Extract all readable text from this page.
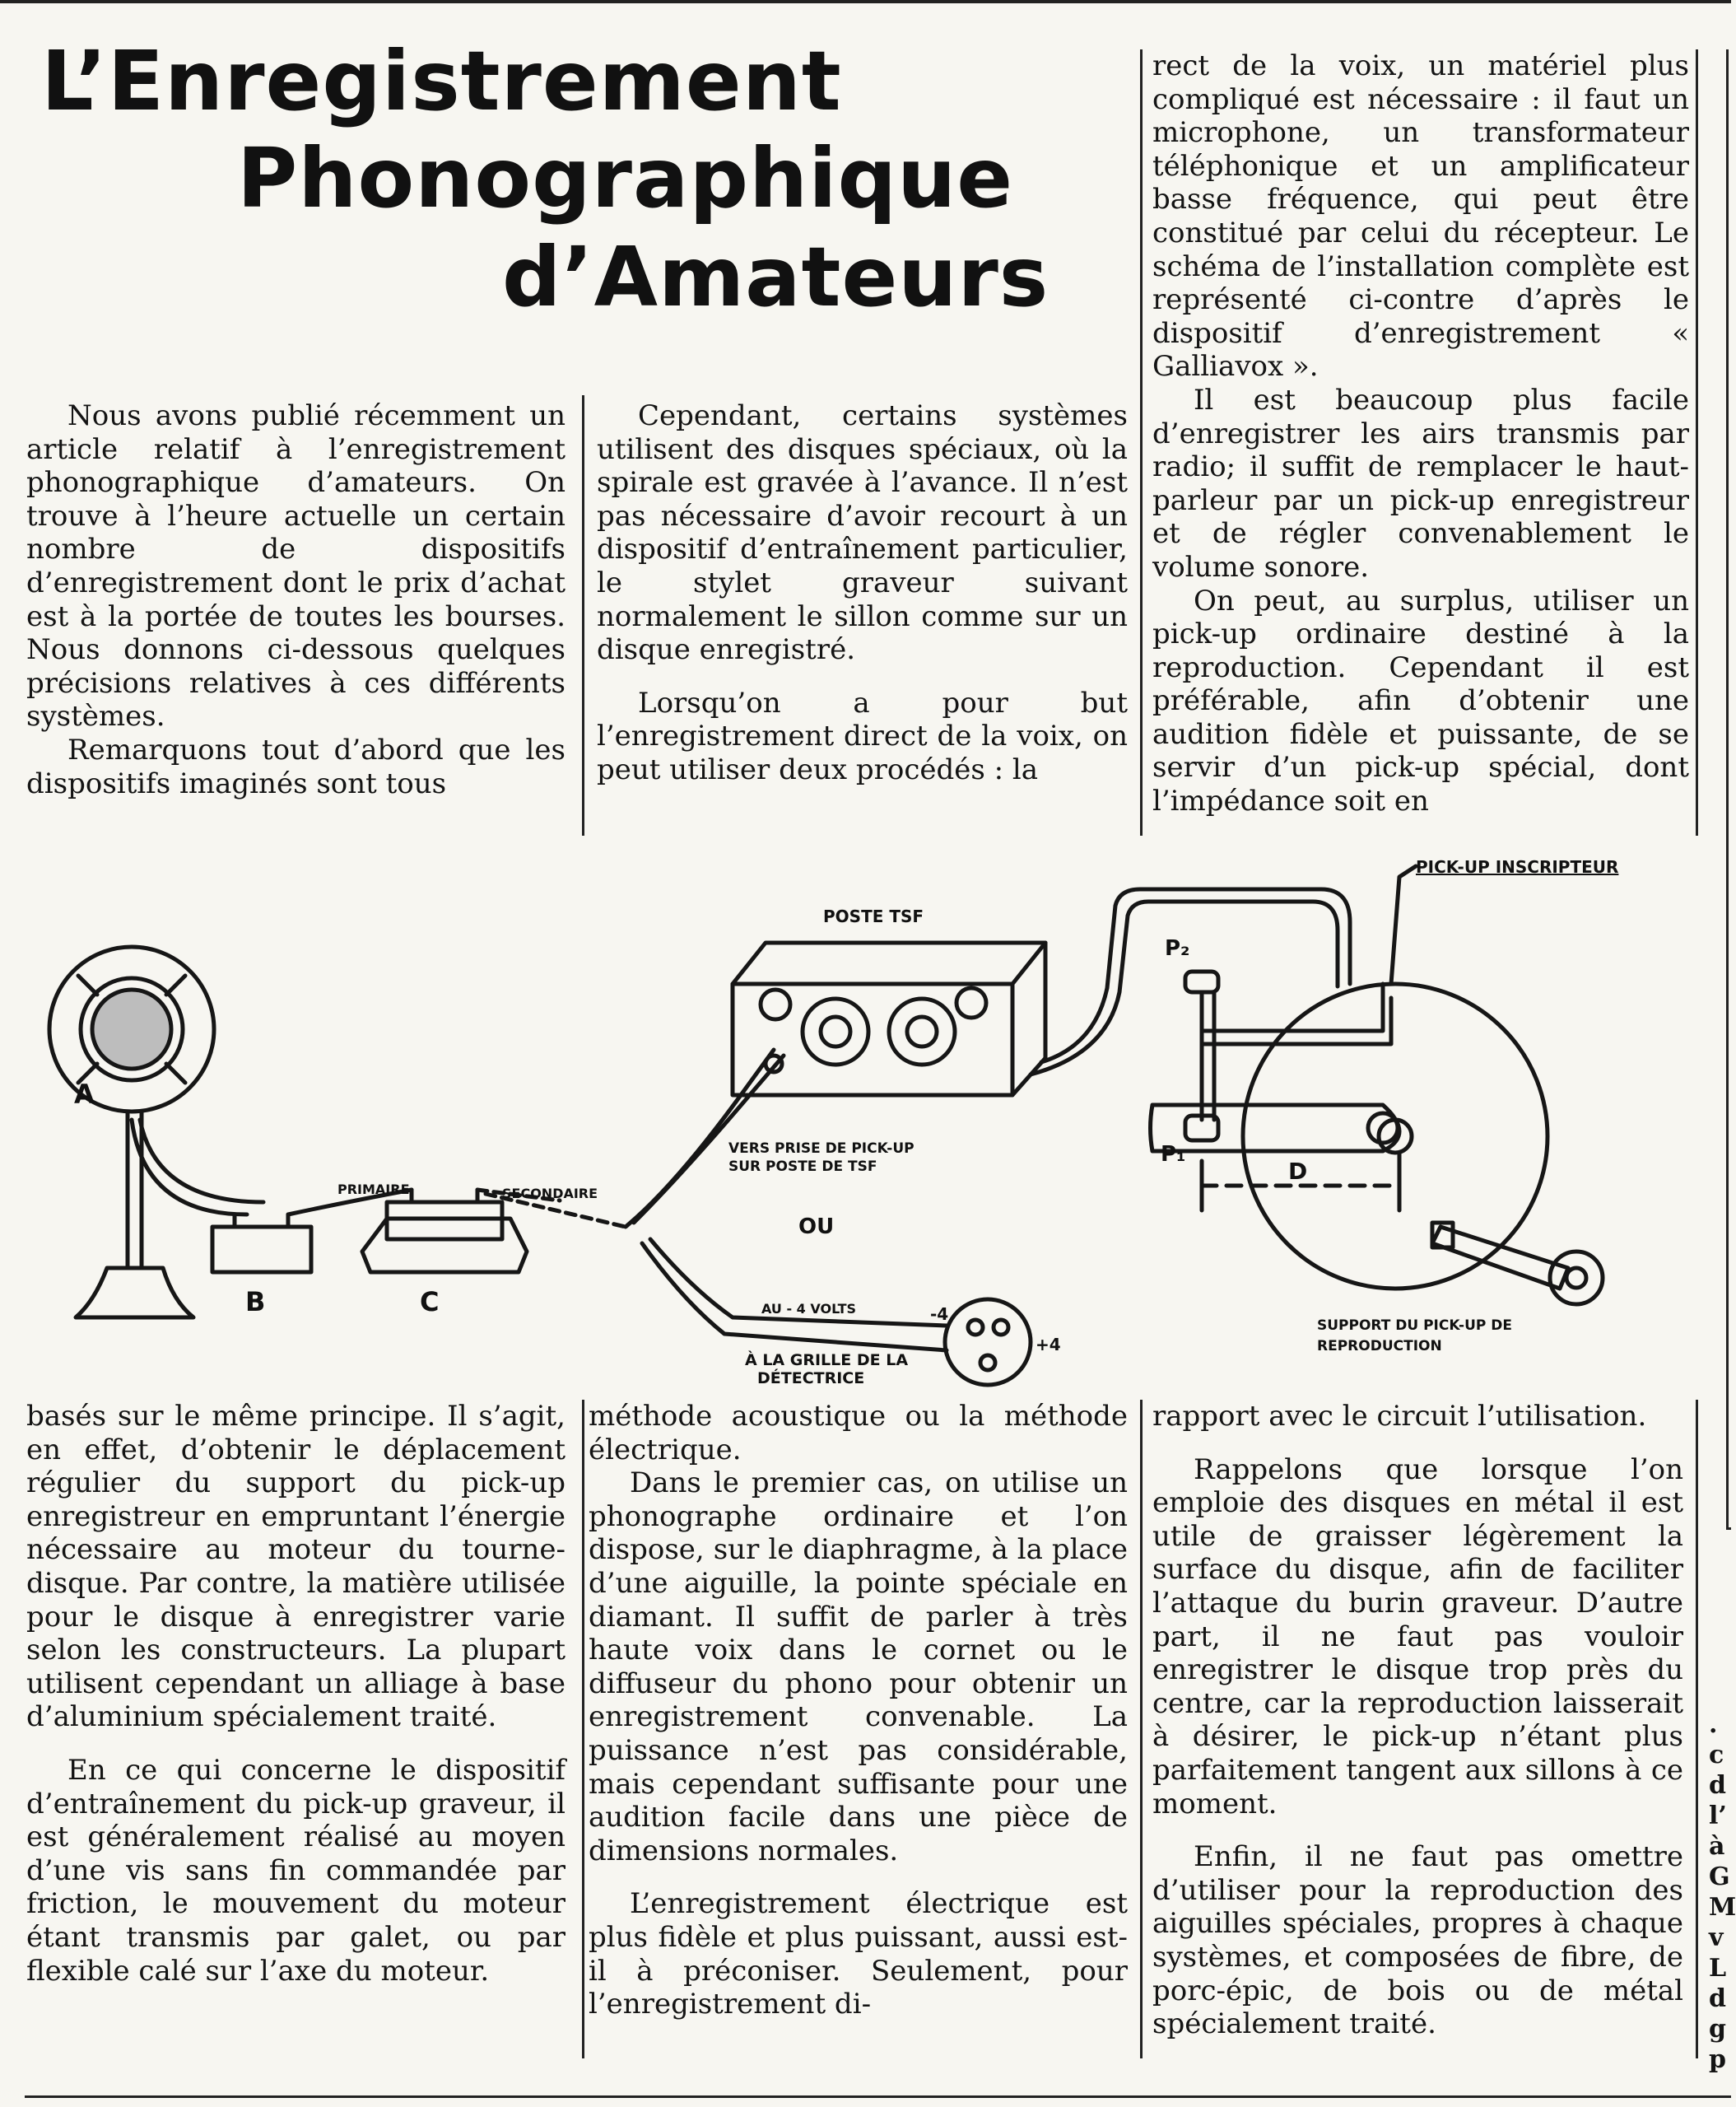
L’Enregistrement
Phonographique
d’Amateurs

Nous avons publié récemment un article relatif à l’enregistrement phonographique d’amateurs. On trouve à l’heure actuelle un certain nombre de dispositifs d’enregistrement dont le prix d’achat est à la portée de toutes les bourses. Nous donnons ci-dessous quelques précisions relatives à ces différents systèmes.

Remarquons tout d’abord que les dispositifs imaginés sont tous

Cependant, certains systèmes utilisent des disques spéciaux, où la spirale est gravée à l’avance. Il n’est pas nécessaire d’avoir recourt à un dispositif d’entraînement particulier, le stylet graveur suivant normalement le sillon comme sur un disque enregistré.

Lorsqu’on a pour but l’enregistrement direct de la voix, on peut utiliser deux procédés : la

rect de la voix, un matériel plus compliqué est nécessaire : il faut un microphone, un transformateur téléphonique et un amplificateur basse fréquence, qui peut être constitué par celui du récepteur. Le schéma de l’installation complète est représenté ci-contre d’après le dispositif d’enregistrement « Galliavox ».

Il est beaucoup plus facile d’enregistrer les airs transmis par radio; il suffit de remplacer le haut-parleur par un pick-up enregistreur et de régler convenablement le volume sonore.

On peut, au surplus, utiliser un pick-up ordinaire destiné à la reproduction. Cependant il est préférable, afin d’obtenir une audition fidèle et puissante, de se servir d’un pick-up spécial, dont l’impédance soit en

POSTE TSF
PICK-UP INSCRIPTEUR
P₂
P₁
D
A
B	C
PRIMAIRE	SECONDAIRE
VERS PRISE DE PICK-UP
SUR POSTE DE TSF
OU
AU - 4 VOLTS
À LA GRILLE DE LA
DÉTECTRICE
-4
+4
SUPPORT DU PICK-UP DE
REPRODUCTION

basés sur le même principe. Il s’agit, en effet, d’obtenir le déplacement régulier du support du pick-up enregistreur en empruntant l’énergie nécessaire au moteur du tourne-disque. Par contre, la matière utilisée pour le disque à enregistrer varie selon les constructeurs. La plupart utilisent cependant un alliage à base d’aluminium spécialement traité.

En ce qui concerne le dispositif d’entraînement du pick-up graveur, il est généralement réalisé au moyen d’une vis sans fin commandée par friction, le mouvement du moteur étant transmis par galet, ou par flexible calé sur l’axe du moteur.

méthode acoustique ou la méthode électrique.

Dans le premier cas, on utilise un phonographe ordinaire et l’on dispose, sur le diaphragme, à la place d’une aiguille, la pointe spéciale en diamant. Il suffit de parler à très haute voix dans le cornet ou le diffuseur du phono pour obtenir un enregistrement convenable. La puissance n’est pas considérable, mais cependant suffisante pour une audition facile dans une pièce de dimensions normales.

L’enregistrement électrique est plus fidèle et plus puissant, aussi est-il à préconiser. Seulement, pour l’enregistrement di-

rapport avec le circuit l’utilisation.

Rappelons que lorsque l’on emploie des disques en métal il est utile de graisser légèrement la surface du disque, afin de faciliter l’attaque du burin graveur. D’autre part, il ne faut pas vouloir enregistrer le disque trop près du centre, car la reproduction laisserait à désirer, le pick-up n’étant plus parfaitement tangent aux sillons à ce moment.

Enfin, il ne faut pas omettre d’utiliser pour la reproduction des aiguilles spéciales, propres à chaque systèmes, et composées de fibre, de porc-épic, de bois ou de métal spécialement traité.

.
c
d
l’
à
G
M
v
L
d
g
p
